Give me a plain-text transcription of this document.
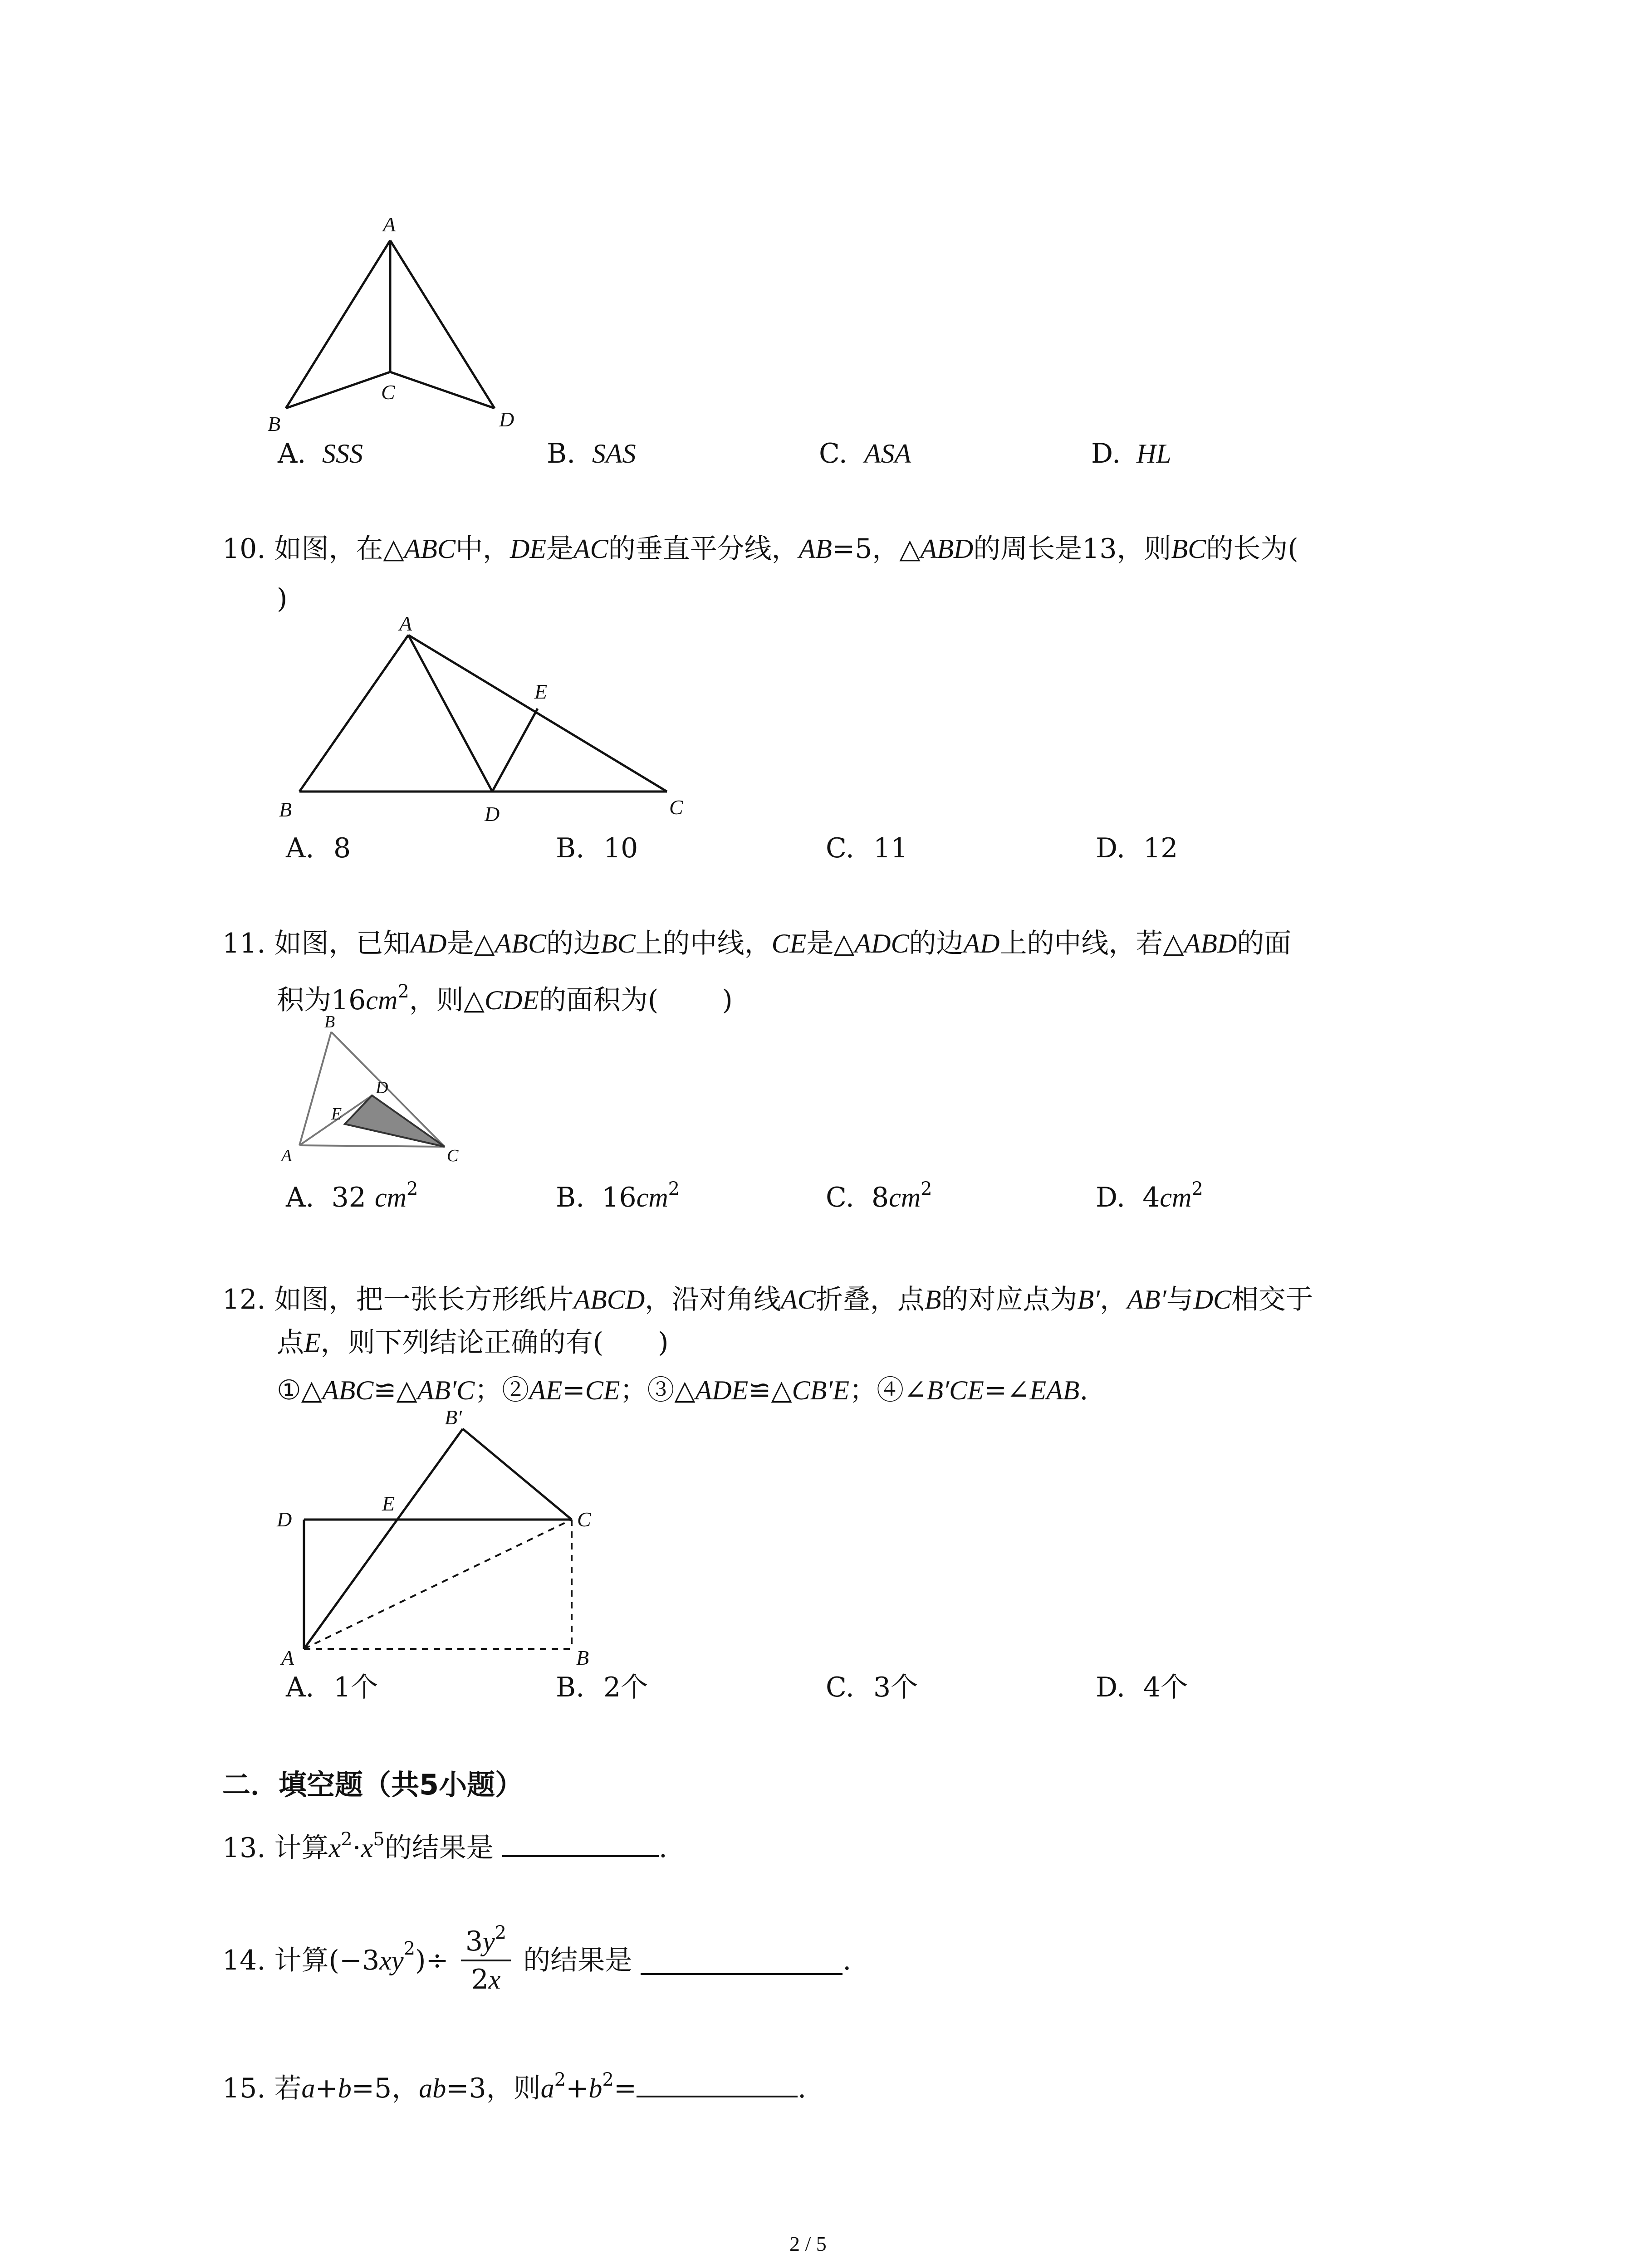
A
B
C
D
A. SSS	B. SAS	C. ASA	D. HL
10. 如图，在△ABC中，DE是AC的垂直平分线，AB=5，△ABD的周长是13，则BC的长为(
)
A
B	C
D
E
A. 8	B. 10	C. 11	D. 12
11. 如图，已知AD是△ABC的边BC上的中线，CE是△ADC的边AD上的中线，若△ABD的面
积为$16cm^2$，则△CDE的面积为( )
B
A	C
D
E
A. 32 $cm^2$	B. $16cm^2$	C. $8cm^2$	D. $4cm^2$
12. 如图，把一张长方形纸片ABCD，沿对角线AC折叠，点B的对应点为B′，AB′与DC相交于
点E，则下列结论正确的有( )
①△ABC≌△AB′C；②AE=CE；③△ADE≌△CB′E；④∠B′CE=∠EAB.
B′
D
E
C
A	B
A. 1个	B. 2个	C. 3个	D. 4个
二．填空题（共5小题）
13. 计算$x^2\cdot x^5$的结果是	.
14. 计算$(-3xy^2)\div \frac{3y^2}{2x}$ 的结果是	.
15. 若a+b=5，ab=3，则$a^2+b^2=$	.
2 / 5
